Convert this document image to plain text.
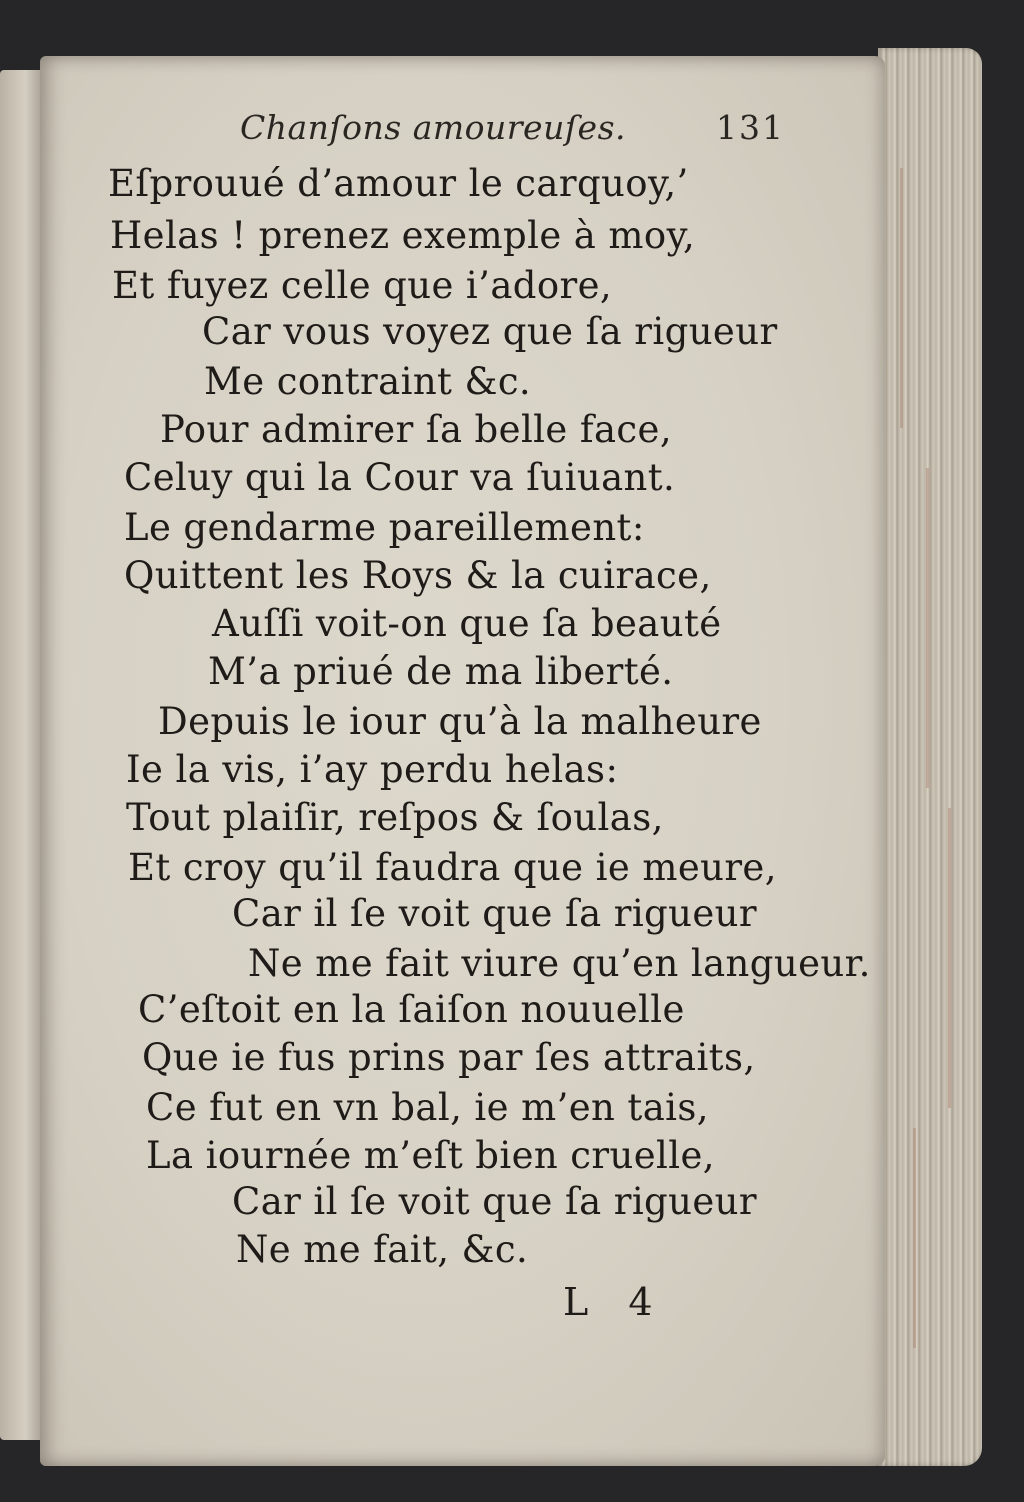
Chanſons amoureuſes.	131
Eſprouué d’amour le carquoy,’
Helas ! prenez exemple à moy,
Et fuyez celle que i’adore,
Car vous voyez que ſa rigueur
Me contraint &c.
Pour admirer ſa belle face,
Celuy qui la Cour va ſuiuant.
Le gendarme pareillement:
Quittent les Roys & la cuirace,
Auſſi voit-on que ſa beauté
M’a priué de ma liberté.
Depuis le iour qu’à la malheure
Ie la vis, i’ay perdu helas:
Tout plaiſir, reſpos & ſoulas,
Et croy qu’il faudra que ie meure,
Car il ſe voit que ſa rigueur
Ne me fait viure qu’en langueur.
C’eſtoit en la ſaiſon nouuelle
Que ie fus prins par ſes attraits,
Ce fut en vn bal, ie m’en tais,
La iournée m’eſt bien cruelle,
Car il ſe voit que ſa rigueur
Ne me fait, &c.
L 4
